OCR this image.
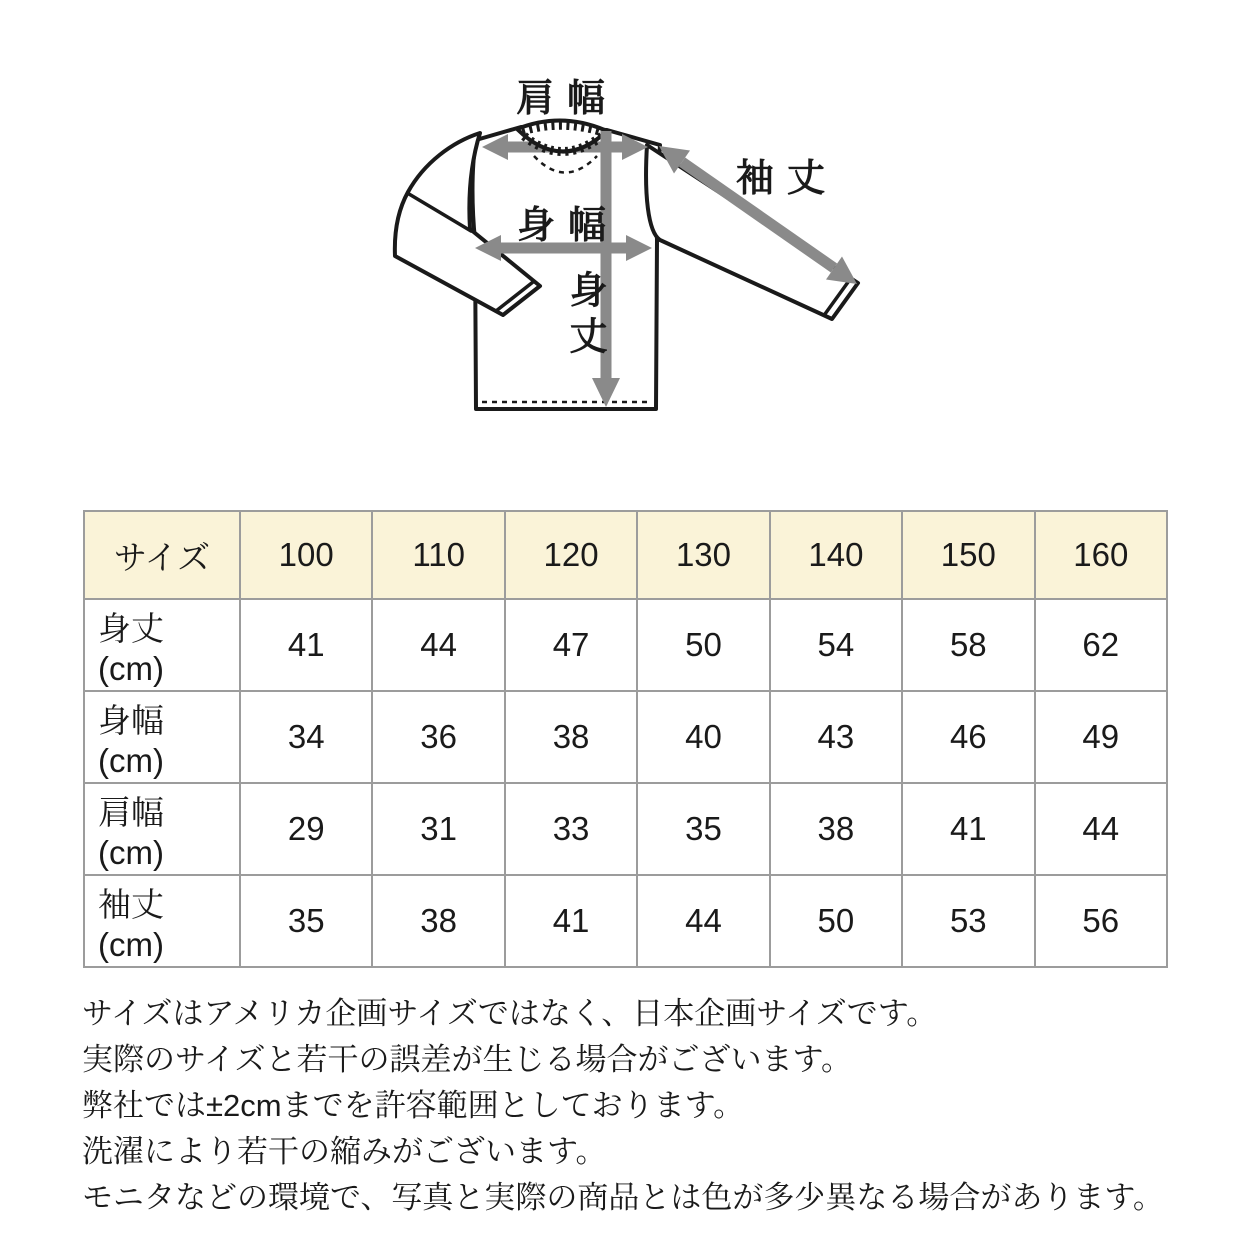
肩幅
身幅
袖丈
身丈
サイズ	100	110	120	130	140	150	160
身丈 (cm)	41	44	47	50	54	58	62
身幅 (cm)	34	36	38	40	43	46	49
肩幅 (cm)	29	31	33	35	38	41	44
袖丈 (cm)	35	38	41	44	50	53	56

サイズはアメリカ企画サイズではなく、日本企画サイズです。

実際のサイズと若干の誤差が生じる場合がございます。

弊社では±2cmまでを許容範囲としております。

洗濯により若干の縮みがございます。

モニタなどの環境で、写真と実際の商品とは色が多少異なる場合があります。
